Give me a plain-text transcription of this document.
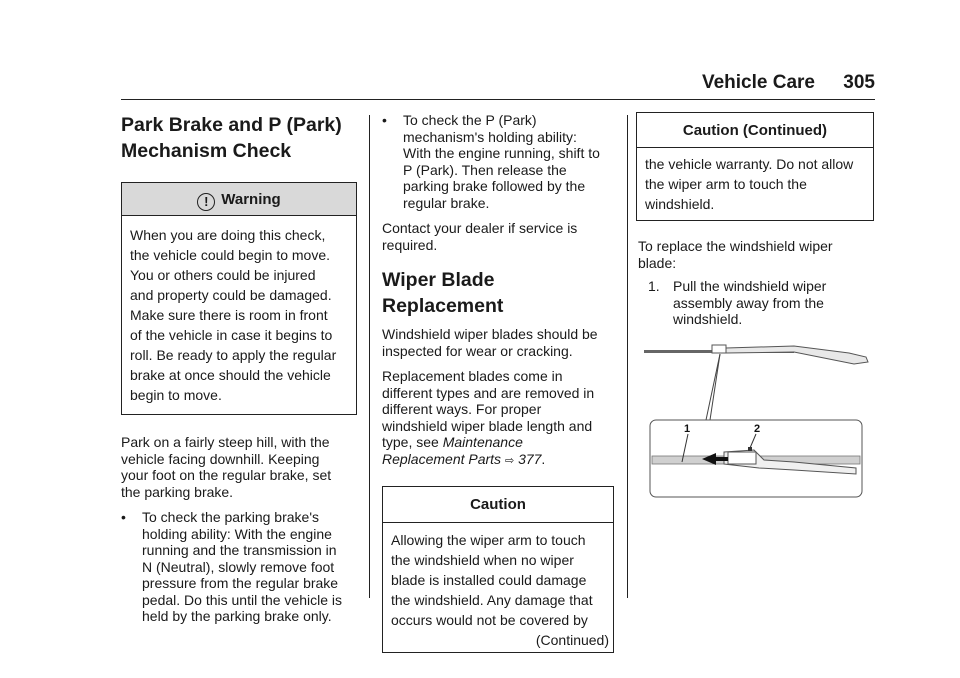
Vehicle Care 305
Park Brake and P (Park)
Mechanism Check
! Warning
When you are doing this check,
the vehicle could begin to move.
You or others could be injured
and property could be damaged.
Make sure there is room in front
of the vehicle in case it begins to
roll. Be ready to apply the regular
brake at once should the vehicle
begin to move.

Park on a fairly steep hill, with the
vehicle facing downhill. Keeping
your foot on the regular brake, set
the parking brake.

• To check the parking brake's
holding ability: With the engine
running and the transmission in
N (Neutral), slowly remove foot
pressure from the regular brake
pedal. Do this until the vehicle is
held by the parking brake only.
• To check the P (Park)
mechanism's holding ability:
With the engine running, shift to
P (Park). Then release the
parking brake followed by the
regular brake.

Contact your dealer if service is
required.

Wiper Blade Replacement

Windshield wiper blades should be
inspected for wear or cracking.

Replacement blades come in
different types and are removed in
different ways. For proper
windshield wiper blade length and
type, see Maintenance
Replacement Parts ⇨ 377.

Caution
Allowing the wiper arm to touch
the windshield when no wiper
blade is installed could damage
the windshield. Any damage that
occurs would not be covered by
(Continued)
Caution (Continued)
the vehicle warranty. Do not allow
the wiper arm to touch the
windshield.

To replace the windshield wiper
blade:

1. Pull the windshield wiper
assembly away from the
windshield.
1	2
